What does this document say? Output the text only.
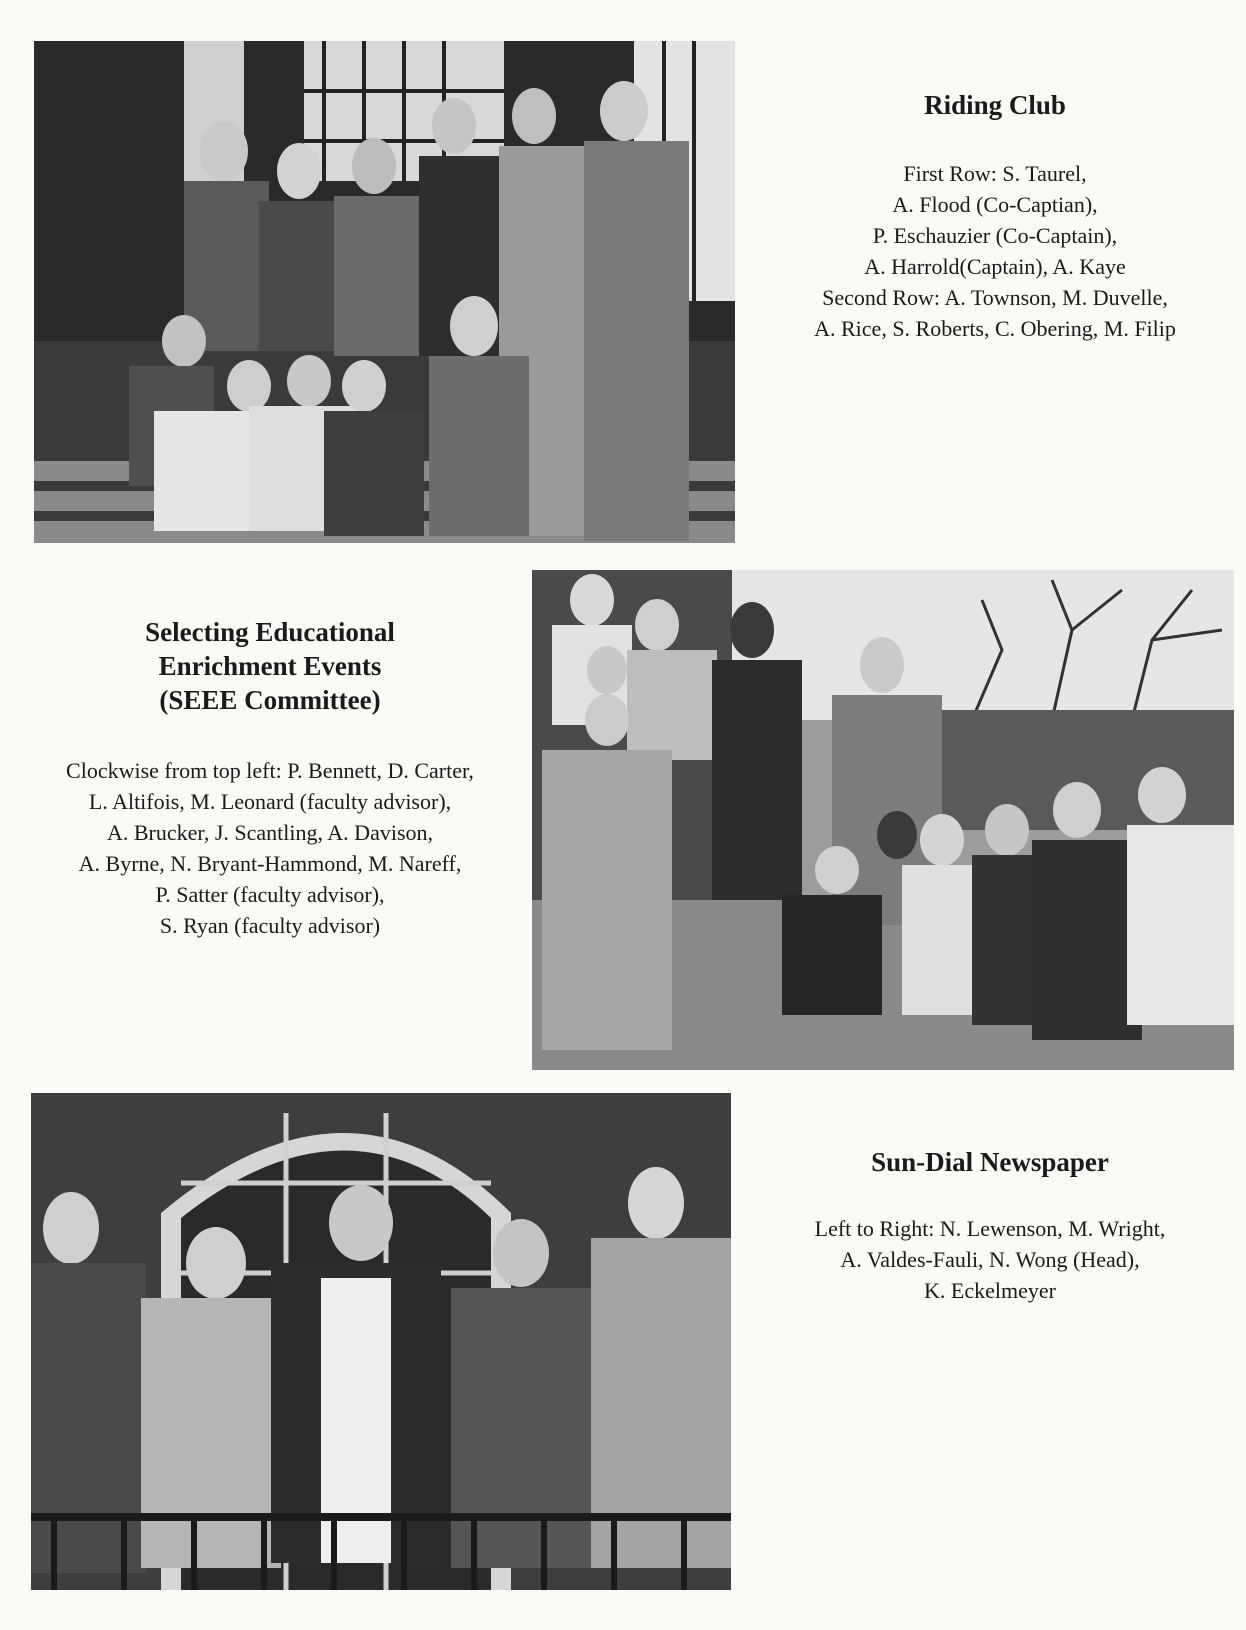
Riding Club
First Row: S. Taurel,
A. Flood (Co-Captian),
P. Eschauzier (Co-Captain),
A. Harrold(Captain), A. Kaye
Second Row: A. Townson, M. Duvelle,
A. Rice, S. Roberts, C. Obering, M. Filip
Selecting Educational
Enrichment Events
(SEEE Committee)
Clockwise from top left: P. Bennett, D. Carter,
L. Altifois, M. Leonard (faculty advisor),
A. Brucker, J. Scantling, A. Davison,
A. Byrne, N. Bryant-Hammond, M. Nareff,
P. Satter (faculty advisor),
S. Ryan (faculty advisor)
Sun-Dial Newspaper
Left to Right: N. Lewenson, M. Wright,
A. Valdes-Fauli, N. Wong (Head),
K. Eckelmeyer
